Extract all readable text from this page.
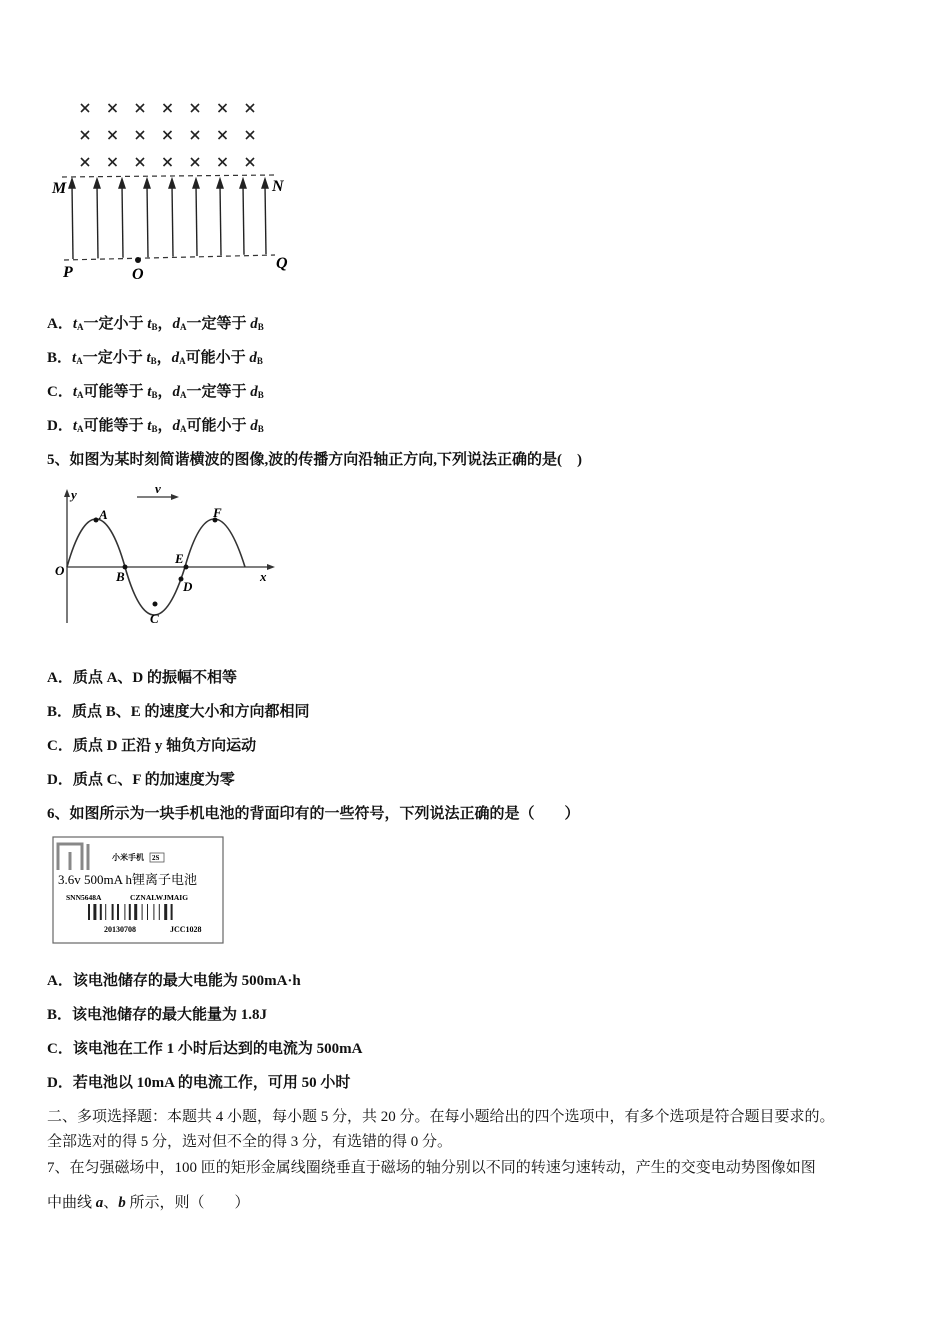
M	N
P
Q
O
A．$t_A$一定小于 $t_B$，$d_A$一定等于 $d_B$
B．$t_A$一定小于 $t_B$，$d_A$可能小于 $d_B$
C．$t_A$可能等于 $t_B$，$d_A$一定等于 $d_B$
D．$t_A$可能等于 $t_B$，$d_A$可能小于 $d_B$
5、如图为某时刻简谐横波的图像,波的传播方向沿轴正方向,下列说法正确的是(　)
y
x
v
O
A
B
C
D
E
F
A．质点 A、D 的振幅不相等
B．质点 B、E 的速度大小和方向都相同
C．质点 D 正沿 y 轴负方向运动
D．质点 C、F 的加速度为零
6、如图所示为一块手机电池的背面印有的一些符号，下列说法正确的是（　　）
小米手机 2S
3.6v 500mA h锂离子电池
SNN5648A	CZNALWJMAIG
20130708	JCC1028
A．该电池储存的最大电能为 500mA·h
B．该电池储存的最大能量为 1.8J
C．该电池在工作 1 小时后达到的电流为 500mA
D．若电池以 10mA 的电流工作，可用 50 小时
二、多项选择题：本题共 4 小题，每小题 5 分，共 20 分。在每小题给出的四个选项中，有多个选项是符合题目要求的。
全部选对的得 5 分，选对但不全的得 3 分，有选错的得 0 分。
7、在匀强磁场中，100 匝的矩形金属线圈绕垂直于磁场的轴分别以不同的转速匀速转动，产生的交变电动势图像如图
中曲线 a、b 所示，则（　　）
